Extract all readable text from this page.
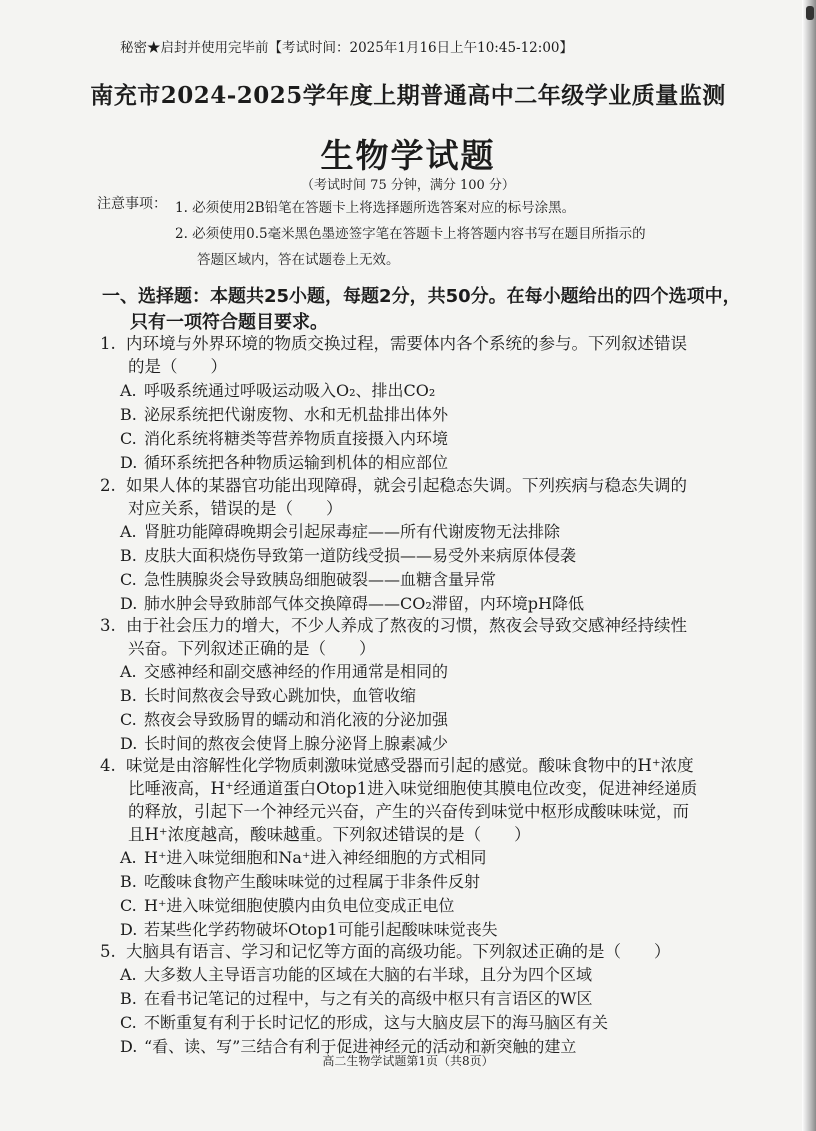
秘密★启封并使用完毕前【考试时间：2025年1月16日上午10:45-12:00】
南充市2024-2025学年度上期普通高中二年级学业质量监测
生物学试题
（考试时间 75 分钟，满分 100 分）
注意事项： 1. 必须使用2B铅笔在答题卡上将选择题所选答案对应的标号涂黑。
2. 必须使用0.5毫米黑色墨迹签字笔在答题卡上将答题内容书写在题目所指示的
答题区域内，答在试题卷上无效。
一、选择题：本题共25小题，每题2分，共50分。在每小题给出的四个选项中，
只有一项符合题目要求。
1. 内环境与外界环境的物质交换过程，需要体内各个系统的参与。下列叙述错误
的是（　　）
A. 呼吸系统通过呼吸运动吸入O₂、排出CO₂
B. 泌尿系统把代谢废物、水和无机盐排出体外
C. 消化系统将糖类等营养物质直接摄入内环境
D. 循环系统把各种物质运输到机体的相应部位
2. 如果人体的某器官功能出现障碍，就会引起稳态失调。下列疾病与稳态失调的
对应关系，错误的是（　　）
A. 肾脏功能障碍晚期会引起尿毒症——所有代谢废物无法排除
B. 皮肤大面积烧伤导致第一道防线受损——易受外来病原体侵袭
C. 急性胰腺炎会导致胰岛细胞破裂——血糖含量异常
D. 肺水肿会导致肺部气体交换障碍——CO₂滞留，内环境pH降低
3. 由于社会压力的增大，不少人养成了熬夜的习惯，熬夜会导致交感神经持续性
兴奋。下列叙述正确的是（　　）
A. 交感神经和副交感神经的作用通常是相同的
B. 长时间熬夜会导致心跳加快，血管收缩
C. 熬夜会导致肠胃的蠕动和消化液的分泌加强
D. 长时间的熬夜会使肾上腺分泌肾上腺素减少
4. 味觉是由溶解性化学物质刺激味觉感受器而引起的感觉。酸味食物中的H⁺浓度
比唾液高，H⁺经通道蛋白Otop1进入味觉细胞使其膜电位改变，促进神经递质
的释放，引起下一个神经元兴奋，产生的兴奋传到味觉中枢形成酸味味觉，而
且H⁺浓度越高，酸味越重。下列叙述错误的是（　　）
A. H⁺进入味觉细胞和Na⁺进入神经细胞的方式相同
B. 吃酸味食物产生酸味味觉的过程属于非条件反射
C. H⁺进入味觉细胞使膜内由负电位变成正电位
D. 若某些化学药物破坏Otop1可能引起酸味味觉丧失
5. 大脑具有语言、学习和记忆等方面的高级功能。下列叙述正确的是（　　）
A. 大多数人主导语言功能的区域在大脑的右半球，且分为四个区域
B. 在看书记笔记的过程中，与之有关的高级中枢只有言语区的W区
C. 不断重复有利于长时记忆的形成，这与大脑皮层下的海马脑区有关
D. “看、读、写”三结合有利于促进神经元的活动和新突触的建立
高二生物学试题第1页（共8页）
